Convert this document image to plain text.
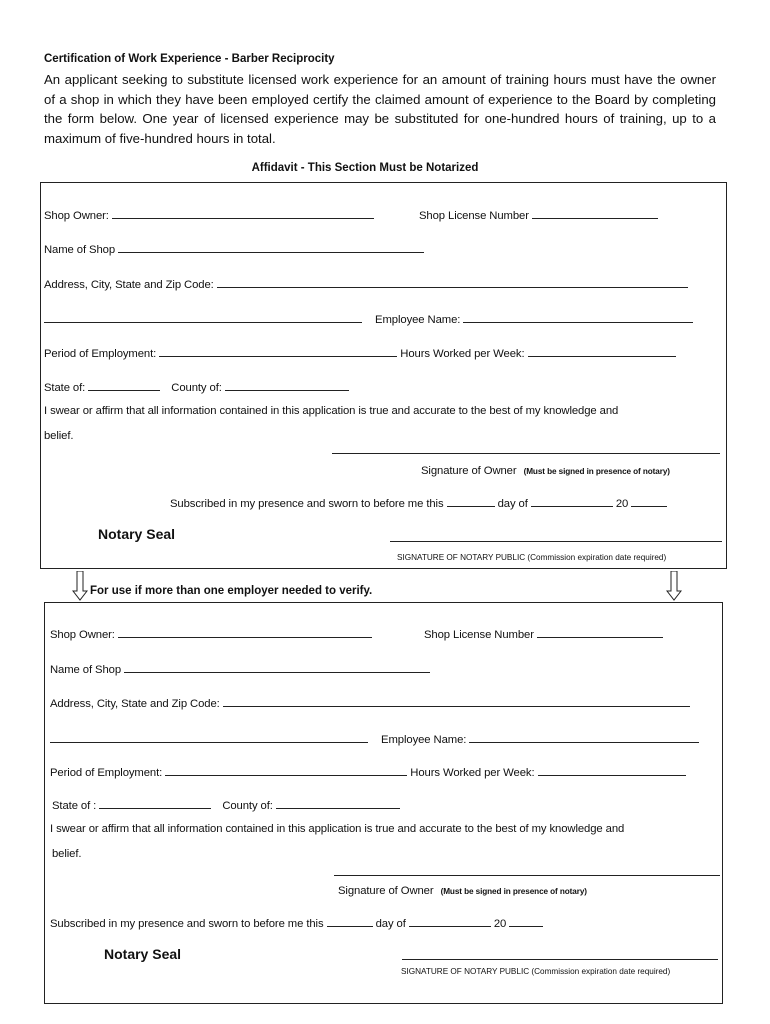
Certification of Work Experience - Barber Reciprocity
An applicant seeking to substitute licensed work experience for an amount of training hours must have the owner of a shop in which they have been employed certify the claimed amount of experience to the Board by completing the form below. One year of licensed experience may be substituted for one-hundred hours of training, up to a maximum of five-hundred hours in total.
Affidavit - This Section Must be Notarized
Shop Owner:	Shop License Number
Name of Shop
Address, City, State and Zip Code:
Employee Name:
Period of Employment:	Hours Worked per Week:
State of:	County of:
I swear or affirm that all information contained in this application is true and accurate to the best of my knowledge and
belief.
Signature of Owner (Must be signed in presence of notary)
Subscribed in my presence and sworn to before me this	day of	20
Notary Seal
SIGNATURE OF NOTARY PUBLIC (Commission expiration date required)
For use if more than one employer needed to verify.
Shop Owner:	Shop License Number
Name of Shop
Address, City, State and Zip Code:
Employee Name:
Period of Employment:	Hours Worked per Week:
State of :	County of:
I swear or affirm that all information contained in this application is true and accurate to the best of my knowledge and
belief.
Signature of Owner (Must be signed in presence of notary)
Subscribed in my presence and sworn to before me this	day of	20
Notary Seal
SIGNATURE OF NOTARY PUBLIC (Commission expiration date required)
